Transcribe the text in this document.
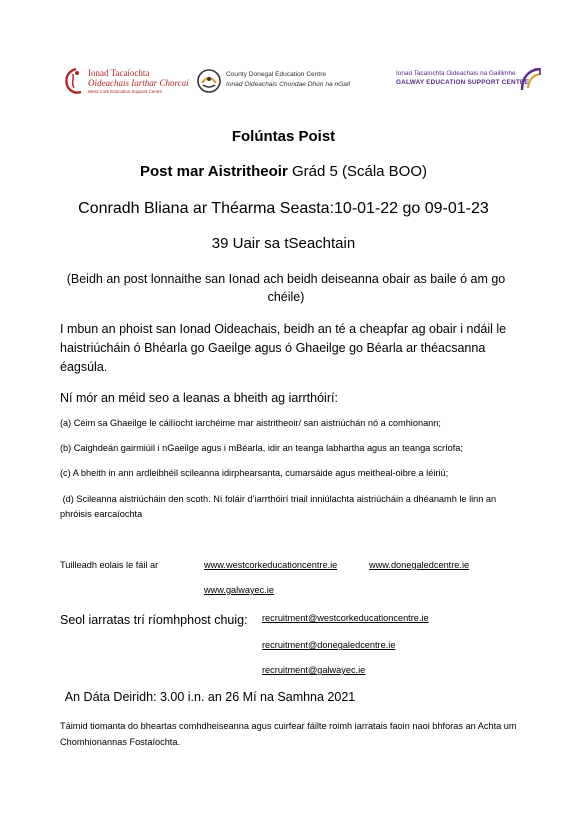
Ionad Tacaíochta
Oideachais Iarthar Chorcaí
West Cork Education Support Centre
County Donegal Education Centre
Ionad Oideachais Chondae Dhún na nGall
Ionad Tacaíochta Oideachais na Gaillimhe
GALWAY EDUCATION SUPPORT CENTRE
Folúntas Poist
Post mar Aistritheoir Grád 5 (Scála BOO)
Conradh Bliana ar Théarma Seasta:10-01-22 go 09-01-23
39 Uair sa tSeachtain
(Beidh an post lonnaithe san Ionad ach beidh deiseanna obair as baile ó am go chéile)
I mbun an phoist san Ionad Oideachais, beidh an té a cheapfar ag obair i ndáil le haistriúcháin ó Bhéarla go Gaeilge agus ó Ghaeilge go Béarla ar théacsanna éagsúla.
Ní mór an méid seo a leanas a bheith ag iarrthóirí:
(a) Céim sa Ghaeilge le cáilíocht iarchéime mar aistritheoir/ san aistriúchán nó a comhionann;
(b) Caighdeán gairmiúil i nGaeilge agus i mBéarla, idir an teanga labhartha agus an teanga scríofa;
(c) A bheith in ann ardleibhéil scileanna idirphearsanta, cumarsáide agus meitheal-oibre a léiriú;
(d) Scileanna aistriúcháin den scoth. Ní foláir d’iarrthóirí triail inniúlachta aistriúcháin a dhéanamh le linn an phróisis earcaíochta
Tuilleadh eolais le fáil ar	www.westcorkeducationcentre.ie	www.donegaledcentre.ie
www.galwayec.ie
Seol iarratas trí ríomhphost chuig: recruitment@westcorkeducationcentre.ie
recruitment@donegaledcentre.ie
recruitment@galwayec.ie
An Dáta Deiridh: 3.00 i.n. an 26 Mí na Samhna 2021
Táimid tiomanta do bheartas comhdheiseanna agus cuirfear fáilte roimh iarratais faoin naoi bhforas an Achta um Chomhionannas Fostaíochta.
